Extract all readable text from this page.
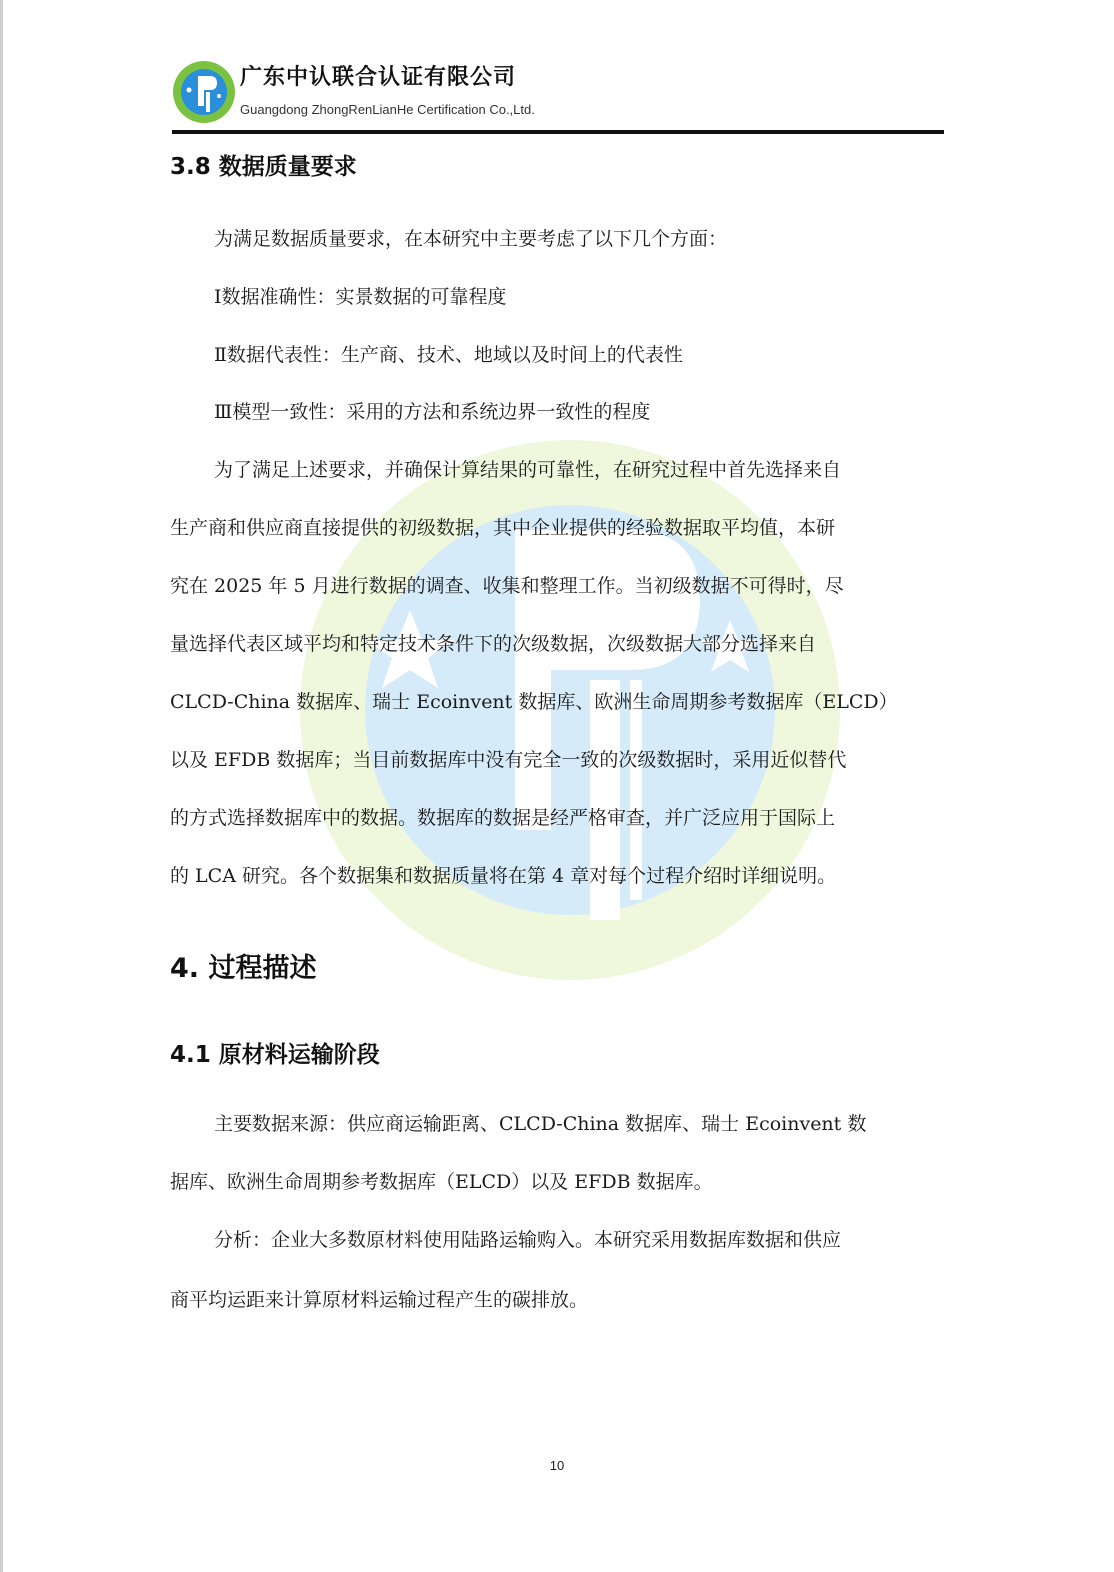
广东中认联合认证有限公司
Guangdong ZhongRenLianHe Certification Co.,Ltd.
3.8 数据质量要求
为满足数据质量要求，在本研究中主要考虑了以下几个方面：
Ⅰ数据准确性：实景数据的可靠程度
Ⅱ数据代表性：生产商、技术、地域以及时间上的代表性
Ⅲ模型一致性：采用的方法和系统边界一致性的程度
为了满足上述要求，并确保计算结果的可靠性，在研究过程中首先选择来自
生产商和供应商直接提供的初级数据，其中企业提供的经验数据取平均值，本研
究在 2025 年 5 月进行数据的调查、收集和整理工作。当初级数据不可得时，尽
量选择代表区域平均和特定技术条件下的次级数据，次级数据大部分选择来自
CLCD-China 数据库、瑞士 Ecoinvent 数据库、欧洲生命周期参考数据库（ELCD）
以及 EFDB 数据库；当目前数据库中没有完全一致的次级数据时，采用近似替代
的方式选择数据库中的数据。数据库的数据是经严格审查，并广泛应用于国际上
的 LCA 研究。各个数据集和数据质量将在第 4 章对每个过程介绍时详细说明。
4. 过程描述
4.1 原材料运输阶段
主要数据来源：供应商运输距离、CLCD-China 数据库、瑞士 Ecoinvent 数
据库、欧洲生命周期参考数据库（ELCD）以及 EFDB 数据库。
分析：企业大多数原材料使用陆路运输购入。本研究采用数据库数据和供应
商平均运距来计算原材料运输过程产生的碳排放。
10
